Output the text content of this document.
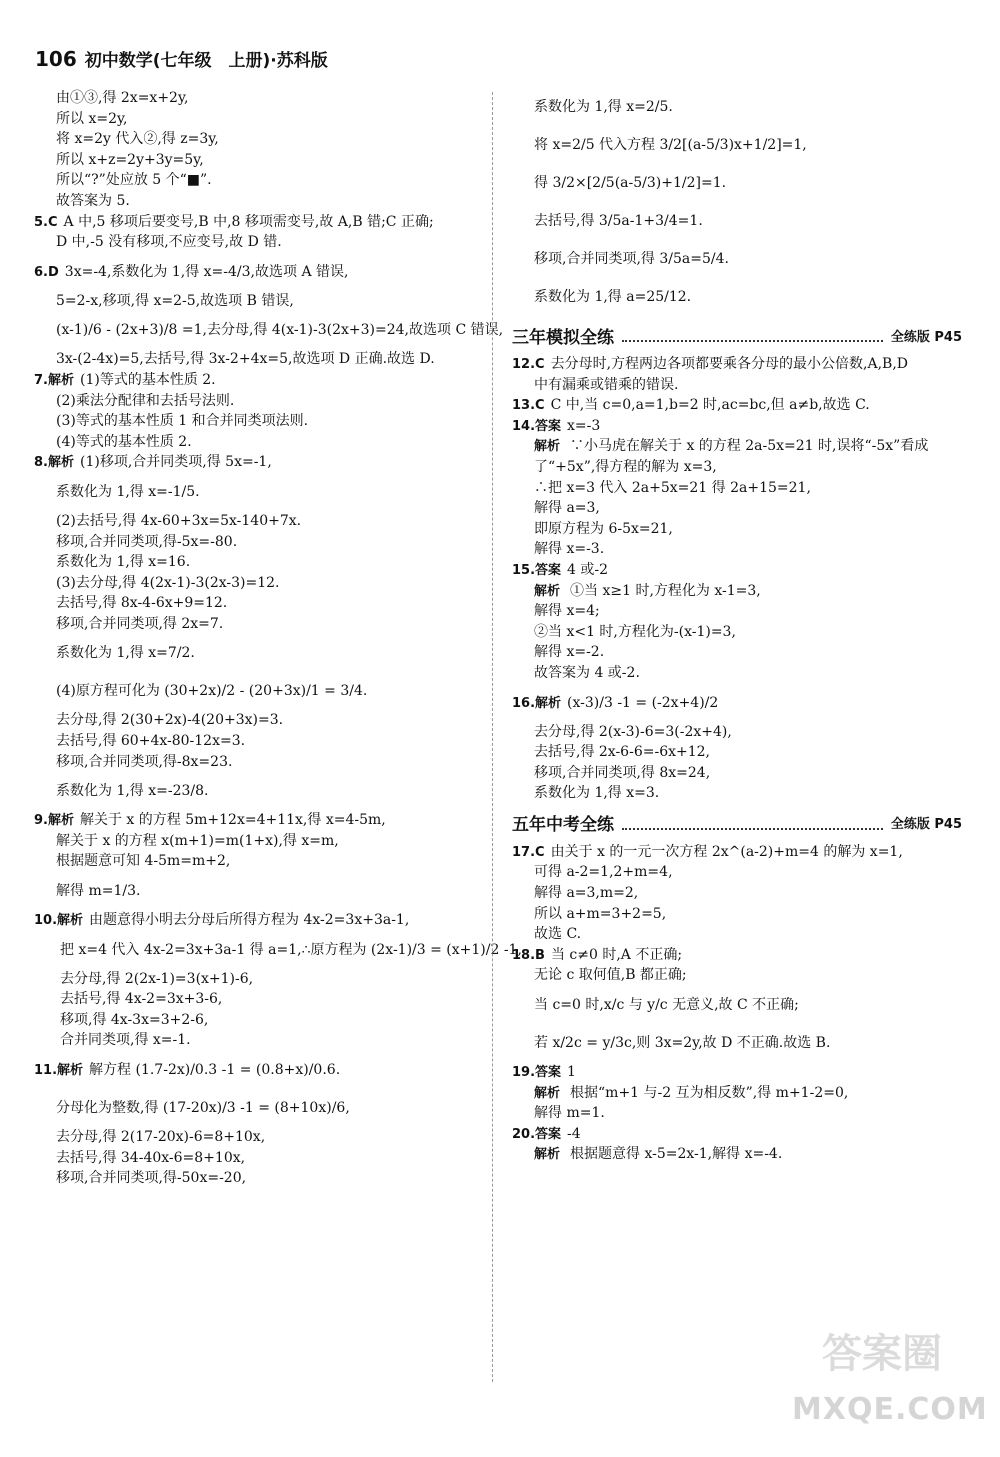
106 初中数学(七年级　上册)·苏科版
由①③,得 2x=x+2y,
所以 x=2y,
将 x=2y 代入②,得 z=3y,
所以 x+z=2y+3y=5y,
所以“?”处应放 5 个“■”.
故答案为 5.
5.C A 中,5 移项后要变号,B 中,8 移项需变号,故 A,B 错;C 正确;
D 中,-5 没有移项,不应变号,故 D 错.
6.D 3x=-4,系数化为 1,得 x=-4/3,故选项 A 错误,
5=2-x,移项,得 x=2-5,故选项 B 错误,
(x-1)/6 - (2x+3)/8 =1,去分母,得 4(x-1)-3(2x+3)=24,故选项 C 错误,
3x-(2-4x)=5,去括号,得 3x-2+4x=5,故选项 D 正确.故选 D.
7.解析 (1)等式的基本性质 2.
(2)乘法分配律和去括号法则.
(3)等式的基本性质 1 和合并同类项法则.
(4)等式的基本性质 2.
8.解析 (1)移项,合并同类项,得 5x=-1,
系数化为 1,得 x=-1/5.
(2)去括号,得 4x-60+3x=5x-140+7x.
移项,合并同类项,得-5x=-80.
系数化为 1,得 x=16.
(3)去分母,得 4(2x-1)-3(2x-3)=12.
去括号,得 8x-4-6x+9=12.
移项,合并同类项,得 2x=7.
系数化为 1,得 x=7/2.
(4)原方程可化为 (30+2x)/2 - (20+3x)/1 = 3/4.
去分母,得 2(30+2x)-4(20+3x)=3.
去括号,得 60+4x-80-12x=3.
移项,合并同类项,得-8x=23.
系数化为 1,得 x=-23/8.
9.解析 解关于 x 的方程 5m+12x=4+11x,得 x=4-5m,
解关于 x 的方程 x(m+1)=m(1+x),得 x=m,
根据题意可知 4-5m=m+2,
解得 m=1/3.
10.解析 由题意得小明去分母后所得方程为 4x-2=3x+3a-1,
把 x=4 代入 4x-2=3x+3a-1 得 a=1,∴原方程为 (2x-1)/3 = (x+1)/2 -1,
去分母,得 2(2x-1)=3(x+1)-6,
去括号,得 4x-2=3x+3-6,
移项,得 4x-3x=3+2-6,
合并同类项,得 x=-1.
11.解析 解方程 (1.7-2x)/0.3 -1 = (0.8+x)/0.6.
分母化为整数,得 (17-20x)/3 -1 = (8+10x)/6,
去分母,得 2(17-20x)-6=8+10x,
去括号,得 34-40x-6=8+10x,
移项,合并同类项,得-50x=-20,
系数化为 1,得 x=2/5.
将 x=2/5 代入方程 3/2[(a-5/3)x+1/2]=1,
得 3/2×[2/5(a-5/3)+1/2]=1.
去括号,得 3/5a-1+3/4=1.
移项,合并同类项,得 3/5a=5/4.
系数化为 1,得 a=25/12.
三年模拟全练	全练版 P45
12.C 去分母时,方程两边各项都要乘各分母的最小公倍数,A,B,D
中有漏乘或错乘的错误.
13.C C 中,当 c=0,a=1,b=2 时,ac=bc,但 a≠b,故选 C.
14.答案 x=-3
解析 ∵小马虎在解关于 x 的方程 2a-5x=21 时,误将“-5x”看成
了“+5x”,得方程的解为 x=3,
∴把 x=3 代入 2a+5x=21 得 2a+15=21,
解得 a=3,
即原方程为 6-5x=21,
解得 x=-3.
15.答案 4 或-2
解析 ①当 x≥1 时,方程化为 x-1=3,
解得 x=4;
②当 x<1 时,方程化为-(x-1)=3,
解得 x=-2.
故答案为 4 或-2.
16.解析 (x-3)/3 -1 = (-2x+4)/2
去分母,得 2(x-3)-6=3(-2x+4),
去括号,得 2x-6-6=-6x+12,
移项,合并同类项,得 8x=24,
系数化为 1,得 x=3.
五年中考全练	全练版 P45
17.C 由关于 x 的一元一次方程 2x^(a-2)+m=4 的解为 x=1,
可得 a-2=1,2+m=4,
解得 a=3,m=2,
所以 a+m=3+2=5,
故选 C.
18.B 当 c≠0 时,A 不正确;
无论 c 取何值,B 都正确;
当 c=0 时,x/c 与 y/c 无意义,故 C 不正确;
若 x/2c = y/3c,则 3x=2y,故 D 不正确.故选 B.
19.答案 1
解析 根据“m+1 与-2 互为相反数”,得 m+1-2=0,
解得 m=1.
20.答案 -4
解析 根据题意得 x-5=2x-1,解得 x=-4.
答案圈
MXQE.COM
